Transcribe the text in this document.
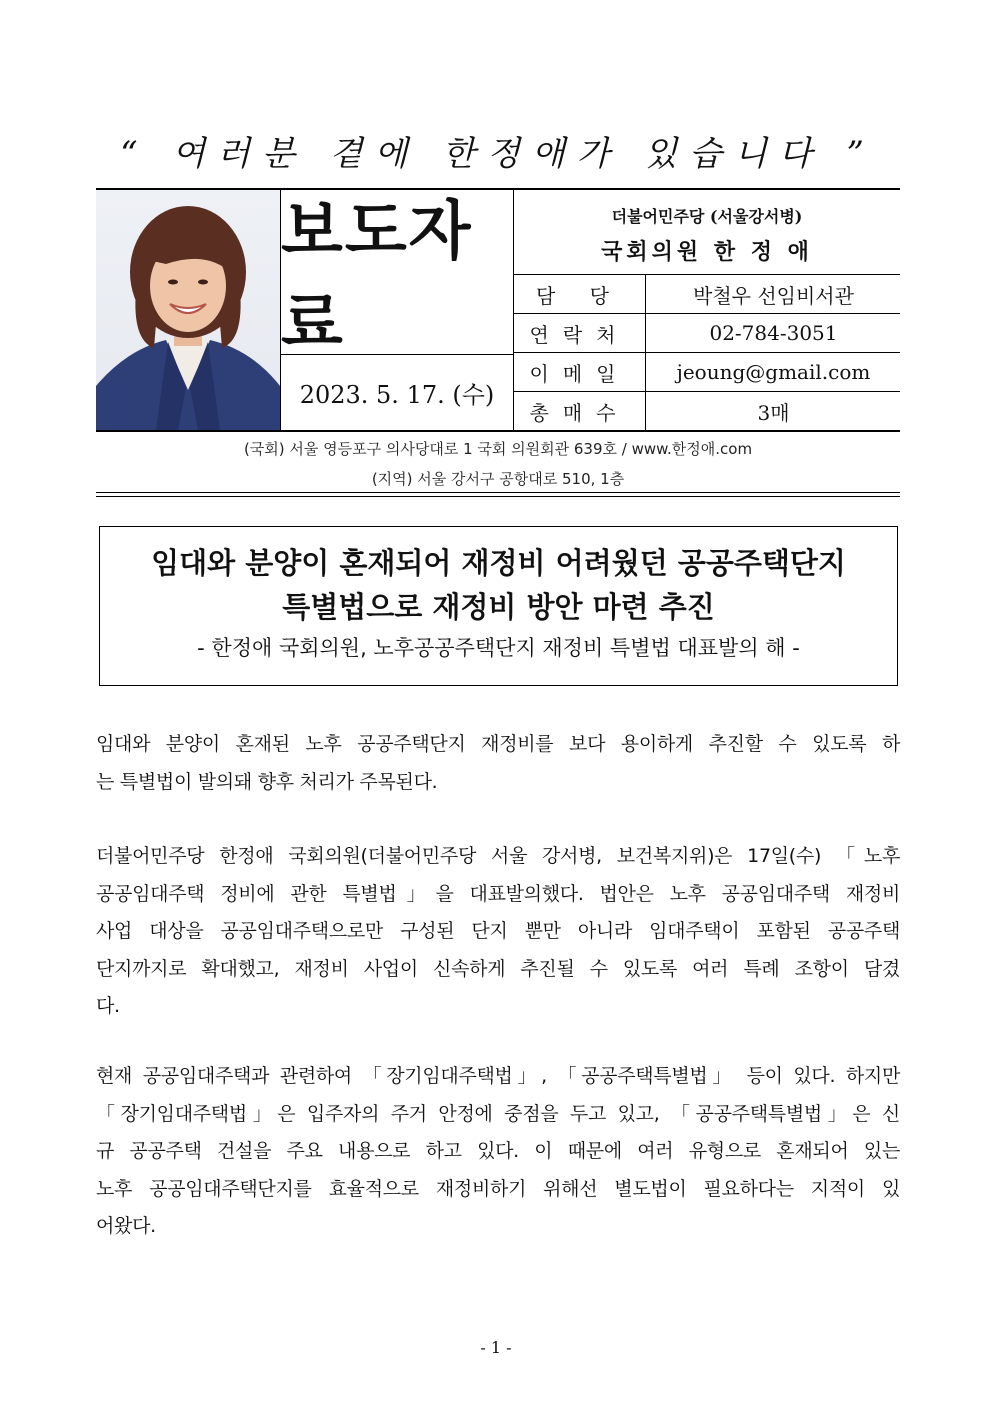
“ 여러분 곁에 한정애가 있습니다 ”
보도자료
2023. 5. 17. (수)
더불어민주당 (서울강서병)
국회의원 한 정 애
담 당	박철우 선임비서관
연락처	02-784-3051
이메일	jeoung@gmail.com
총매수	3매
(국회) 서울 영등포구 의사당대로 1 국회 의원회관 639호 / www.한정애.com
(지역) 서울 강서구 공항대로 510, 1층
임대와 분양이 혼재되어 재정비 어려웠던 공공주택단지
특별법으로 재정비 방안 마련 추진
- 한정애 국회의원, 노후공공주택단지 재정비 특별법 대표발의 해 -
임대와 분양이 혼재된 노후 공공주택단지 재정비를 보다 용이하게 추진할 수 있도록 하
는 특별법이 발의돼 향후 처리가 주목된다.
더불어민주당 한정애 국회의원(더불어민주당 서울 강서병, 보건복지위)은 17일(수) 「노후
공공임대주택 정비에 관한 특별법」을 대표발의했다. 법안은 노후 공공임대주택 재정비
사업 대상을 공공임대주택으로만 구성된 단지 뿐만 아니라 임대주택이 포함된 공공주택
단지까지로 확대했고, 재정비 사업이 신속하게 추진될 수 있도록 여러 특례 조항이 담겼
다.
현재 공공임대주택과 관련하여 「장기임대주택법」, 「공공주택특별법」 등이 있다. 하지만
「장기임대주택법」은 입주자의 주거 안정에 중점을 두고 있고, 「공공주택특별법」은 신
규 공공주택 건설을 주요 내용으로 하고 있다. 이 때문에 여러 유형으로 혼재되어 있는
노후 공공임대주택단지를 효율적으로 재정비하기 위해선 별도법이 필요하다는 지적이 있
어왔다.
- 1 -
